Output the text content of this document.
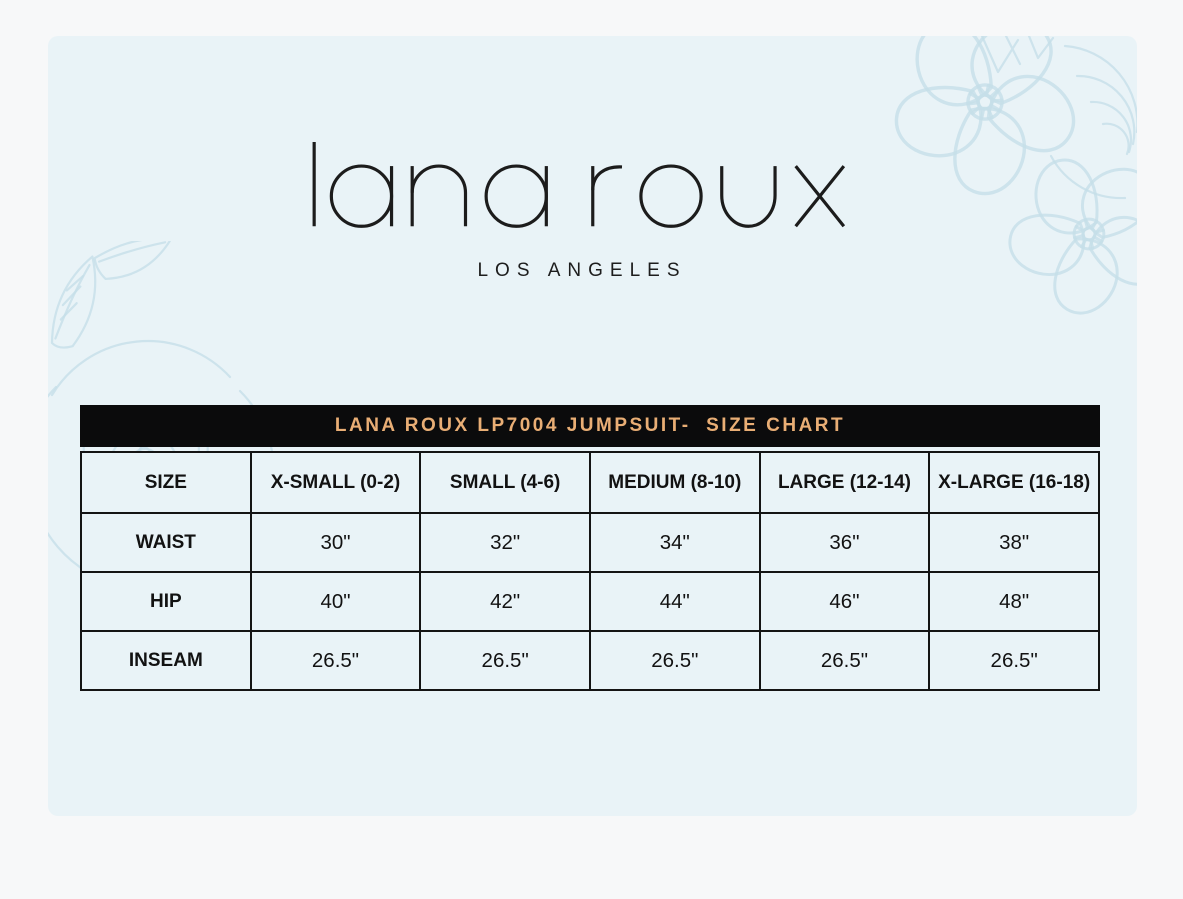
LOS ANGELES
LANA ROUX LP7004 JUMPSUIT-  SIZE CHART
SIZE	X-SMALL (0-2)	SMALL (4-6)	MEDIUM (8-10)	LARGE (12-14)	X-LARGE (16-18)
WAIST	30"	32"	34"	36"	38"
HIP	40"	42"	44"	46"	48"
INSEAM	26.5"	26.5"	26.5"	26.5"	26.5"
